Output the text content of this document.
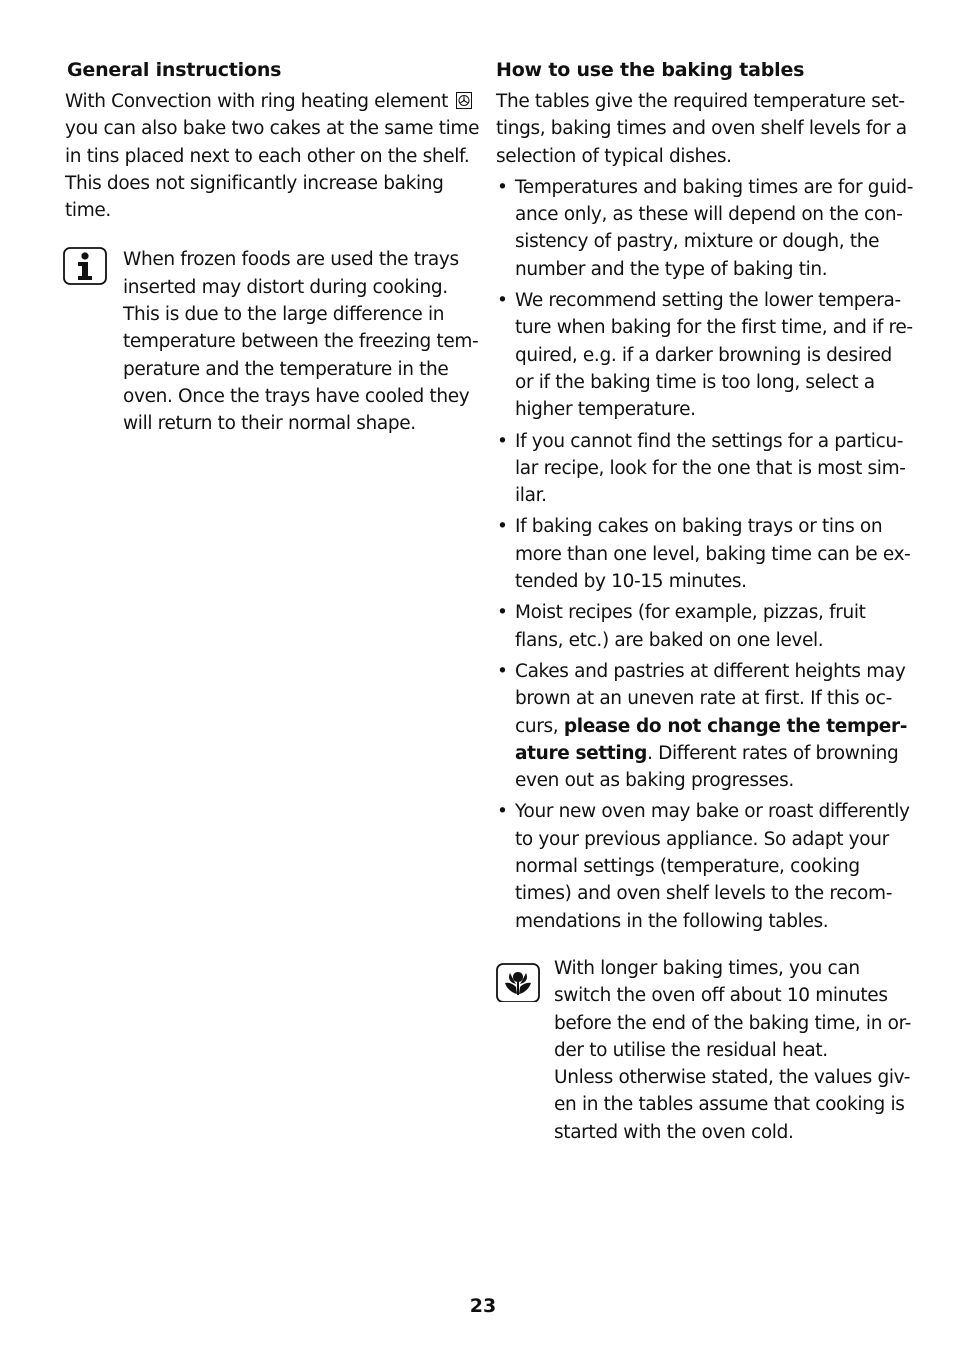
General instructions

With Convection with ring heating element
you can also bake two cakes at the same time
in tins placed next to each other on the shelf.
This does not significantly increase baking
time.

When frozen foods are used the trays
inserted may distort during cooking.
This is due to the large difference in
temperature between the freezing tem-
perature and the temperature in the
oven. Once the trays have cooled they
will return to their normal shape.

How to use the baking tables

The tables give the required temperature set-
tings, baking times and oven shelf levels for a
selection of typical dishes.

• Temperatures and baking times are for guid-
ance only, as these will depend on the con-
sistency of pastry, mixture or dough, the
number and the type of baking tin.

• We recommend setting the lower tempera-
ture when baking for the first time, and if re-
quired, e.g. if a darker browning is desired
or if the baking time is too long, select a
higher temperature.

• If you cannot find the settings for a particu-
lar recipe, look for the one that is most sim-
ilar.

• If baking cakes on baking trays or tins on
more than one level, baking time can be ex-
tended by 10-15 minutes.

• Moist recipes (for example, pizzas, fruit
flans, etc.) are baked on one level.

• Cakes and pastries at different heights may
brown at an uneven rate at first. If this oc-
curs, please do not change the temper-
ature setting. Different rates of browning
even out as baking progresses.

• Your new oven may bake or roast differently
to your previous appliance. So adapt your
normal settings (temperature, cooking
times) and oven shelf levels to the recom-
mendations in the following tables.

With longer baking times, you can
switch the oven off about 10 minutes
before the end of the baking time, in or-
der to utilise the residual heat.
Unless otherwise stated, the values giv-
en in the tables assume that cooking is
started with the oven cold.

23
